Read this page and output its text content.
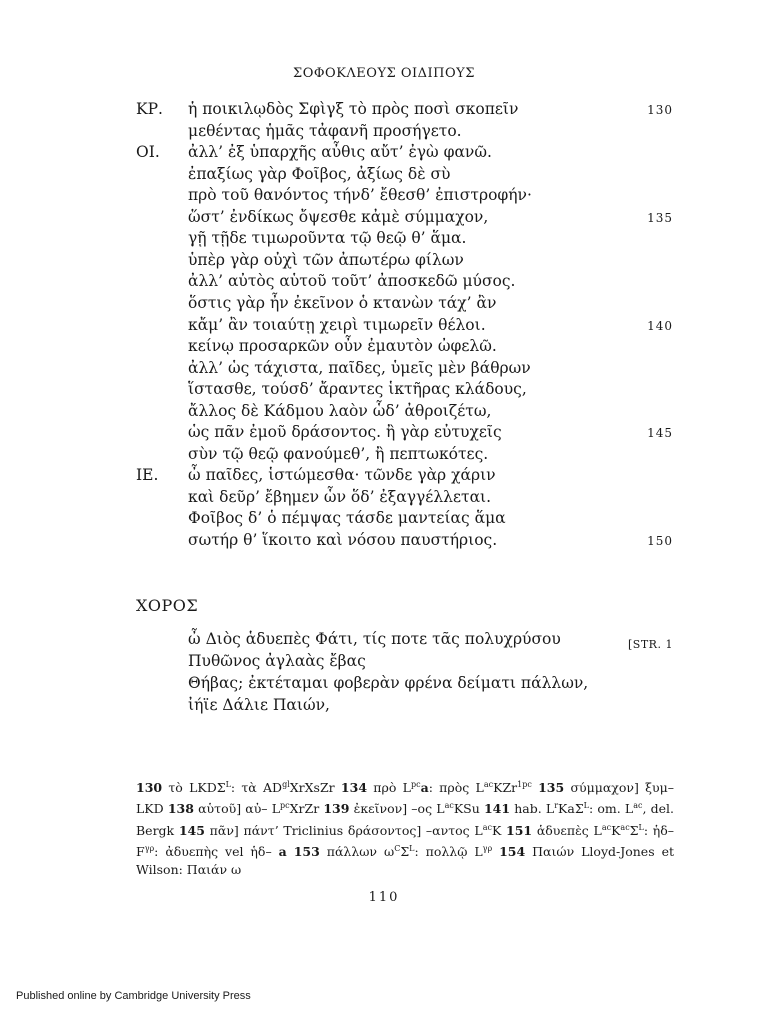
ΣΟΦΟΚΛΕΟΥΣ ΟΙΔΙΠΟΥΣ
ΚΡ. ἡ ποικιλῳδὸς Σφὶγξ τὸ πρὸς ποσὶ σκοπεῖν	130
μεθέντας ἡμᾶς τἀφανῆ προσήγετο.
ΟΙ. ἀλλ’ ἐξ ὑπαρχῆς αὖθις αὔτ’ ἐγὼ φανῶ.
ἐπαξίως γὰρ Φοῖβος, ἀξίως δὲ σὺ
πρὸ τοῦ θανόντος τήνδ’ ἔθεσθ’ ἐπιστροφήν·
ὥστ’ ἐνδίκως ὄψεσθε κἀμὲ σύμμαχον,	135
γῇ τῇδε τιμωροῦντα τῷ θεῷ θ’ ἅμα.
ὑπὲρ γὰρ οὐχὶ τῶν ἀπωτέρω φίλων
ἀλλ’ αὐτὸς αὑτοῦ τοῦτ’ ἀποσκεδῶ μύσος.
ὅστις γὰρ ἦν ἐκεῖνον ὁ κτανὼν τάχ’ ἂν
κἄμ’ ἂν τοιαύτῃ χειρὶ τιμωρεῖν θέλοι.	140
κείνῳ προσαρκῶν οὖν ἐμαυτὸν ὠφελῶ.
ἀλλ’ ὡς τάχιστα, παῖδες, ὑμεῖς μὲν βάθρων
ἵστασθε, τούσδ’ ἄραντες ἱκτῆρας κλάδους,
ἄλλος δὲ Κάδμου λαὸν ὧδ’ ἀθροιζέτω,
ὡς πᾶν ἐμοῦ δράσοντος. ἢ γὰρ εὐτυχεῖς	145
σὺν τῷ θεῷ φανούμεθ’, ἢ πεπτωκότες.
ΙΕ. ὦ παῖδες, ἱστώμεσθα· τῶνδε γὰρ χάριν
καὶ δεῦρ’ ἔβημεν ὧν ὅδ’ ἐξαγγέλλεται.
Φοῖβος δ’ ὁ πέμψας τάσδε μαντείας ἅμα
σωτήρ θ’ ἵκοιτο καὶ νόσου παυστήριος.	150
ΧΟΡΟΣ
[STR. 1
ὦ Διὸς ἁδυεπὲς Φάτι, τίς ποτε τᾶς πολυχρύσου
Πυθῶνος ἀγλαὰς ἔβας
Θήβας; ἐκτέταμαι φοβερὰν φρένα δείματι πάλλων,
ἰήϊε Δάλιε Παιών,
130 τὸ $LKD\Sigma^L$: τὰ $AD^{gl}XrXsZr$ 134 πρὸ $L^{pc}a$: πρὸς $L^{ac}KZr^{1pc}$ 135 σύμμαχον] ξυμ– LKD 138 αὑτοῦ] αὐ– $L^{pc}XrZr$ 139 ἐκεῖνον] –ος $L^{ac}KSu$ 141 hab. $L^rKa\Sigma^L$: om. $L^{ac}$, del. Bergk 145 πᾶν] πάντ’ Triclinius δράσοντος] –αντος $L^{ac}K$ 151 ἁδυεπὲς $L^{ac}K^{ac}\Sigma^L$: ἡδ– $F^{\gamma\rho}$: ἀδυεπὴς vel ἡδ– a 153 πάλλων $\omega^C\Sigma^L$: πολλῷ $L^{\gamma\rho}$ 154 Παιών Lloyd-Jones et Wilson: Παιάν ω
110
Published online by Cambridge University Press
